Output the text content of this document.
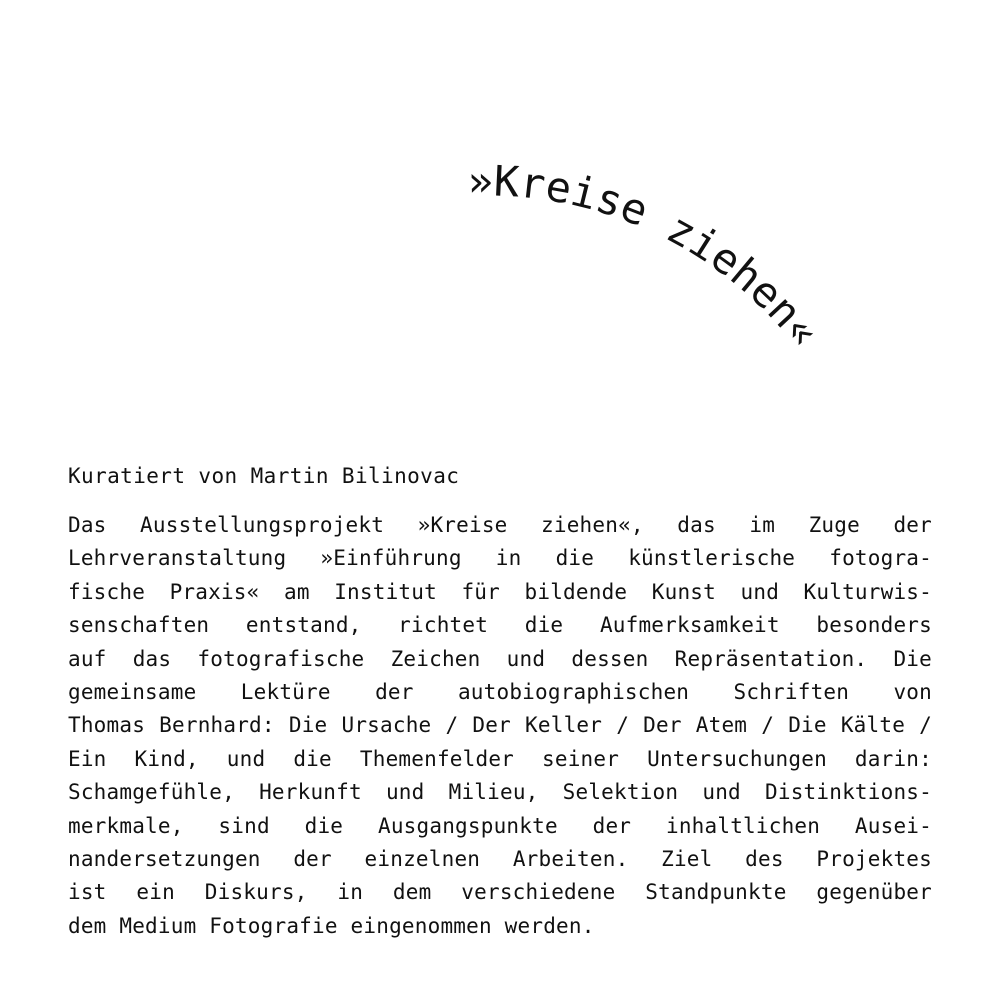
»Kreise ziehen«
Kuratiert von Martin Bilinovac
Das Ausstellungsprojekt »Kreise ziehen«, das im Zuge der
Lehrveranstaltung »Einführung in die künstlerische fotogra-
fische Praxis« am Institut für bildende Kunst und Kulturwis-
senschaften entstand, richtet die Aufmerksamkeit besonders
auf das fotografische Zeichen und dessen Repräsentation. Die
gemeinsame Lektüre der autobiographischen Schriften von
Thomas Bernhard: Die Ursache / Der Keller / Der Atem / Die Kälte /
Ein Kind, und die Themenfelder seiner Untersuchungen darin:
Schamgefühle, Herkunft und Milieu, Selektion und Distinktions-
merkmale, sind die Ausgangspunkte der inhaltlichen Ausei-
nandersetzungen der einzelnen Arbeiten. Ziel des Projektes
ist ein Diskurs, in dem verschiedene Standpunkte gegenüber
dem Medium Fotografie eingenommen werden.
